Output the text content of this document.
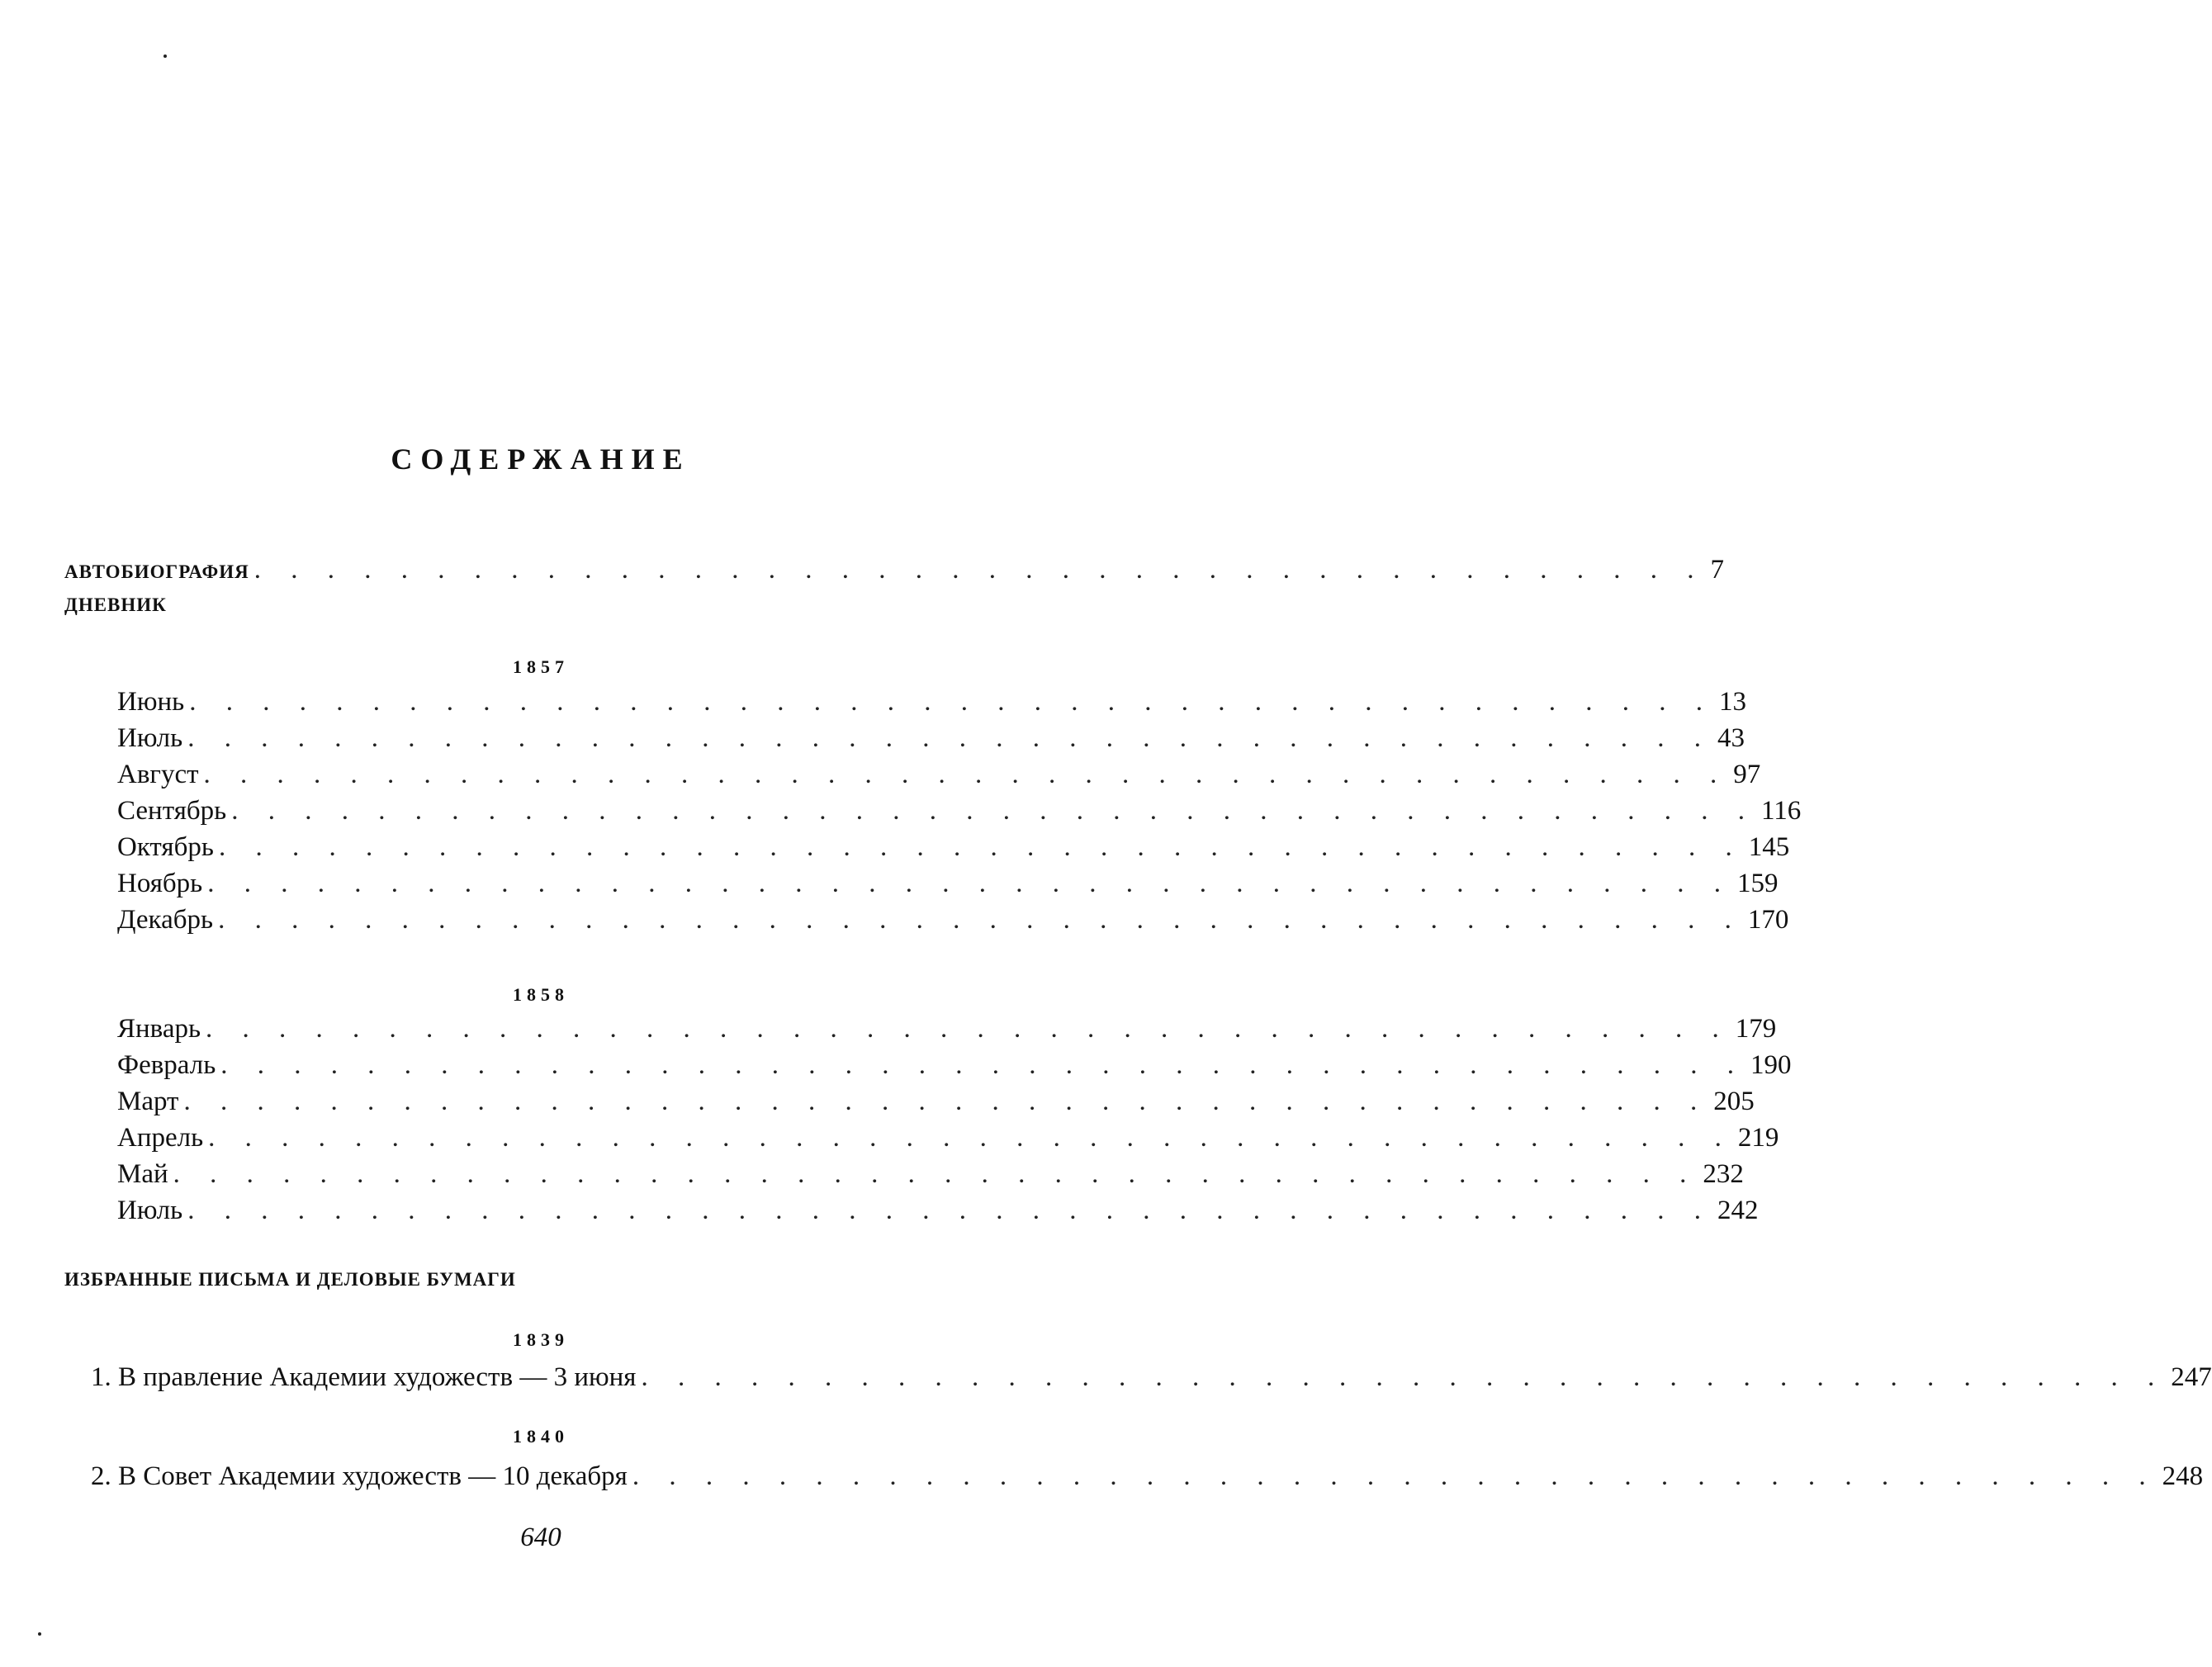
СОДЕРЖАНИЕ
АВТОБИОГРАФИЯ . . . . . . . . . . . . . . . . . . . . . . . . . . . . . . . . . . . . . . . . 7
ДНЕВНИК
1857
Июнь . . . . . . . . . . . . . . . . . . . . . . . . . . . . . . . . . . . . . . . . . . 13
Июль . . . . . . . . . . . . . . . . . . . . . . . . . . . . . . . . . . . . . . . . . . 43
Август . . . . . . . . . . . . . . . . . . . . . . . . . . . . . . . . . . . . . . . . . . 97
Сентябрь . . . . . . . . . . . . . . . . . . . . . . . . . . . . . . . . . . . . . . . . . . 116
Октябрь . . . . . . . . . . . . . . . . . . . . . . . . . . . . . . . . . . . . . . . . . . 145
Ноябрь . . . . . . . . . . . . . . . . . . . . . . . . . . . . . . . . . . . . . . . . . . 159
Декабрь . . . . . . . . . . . . . . . . . . . . . . . . . . . . . . . . . . . . . . . . . . 170
1858
Январь . . . . . . . . . . . . . . . . . . . . . . . . . . . . . . . . . . . . . . . . . . 179
Февраль . . . . . . . . . . . . . . . . . . . . . . . . . . . . . . . . . . . . . . . . . . 190
Март . . . . . . . . . . . . . . . . . . . . . . . . . . . . . . . . . . . . . . . . . . 205
Апрель . . . . . . . . . . . . . . . . . . . . . . . . . . . . . . . . . . . . . . . . . . 219
Май . . . . . . . . . . . . . . . . . . . . . . . . . . . . . . . . . . . . . . . . . . 232
Июль . . . . . . . . . . . . . . . . . . . . . . . . . . . . . . . . . . . . . . . . . . 242
ИЗБРАННЫЕ ПИСЬМА И ДЕЛОВЫЕ БУМАГИ
1839
1. В правление Академии художеств — 3 июня . . . . . . . . . . . . . . . . . . . . . . . . . . . . . . . . . . . . . . . . . . 247
1840
2. В Совет Академии художеств — 10 декабря . . . . . . . . . . . . . . . . . . . . . . . . . . . . . . . . . . . . . . . . . . 248
640
